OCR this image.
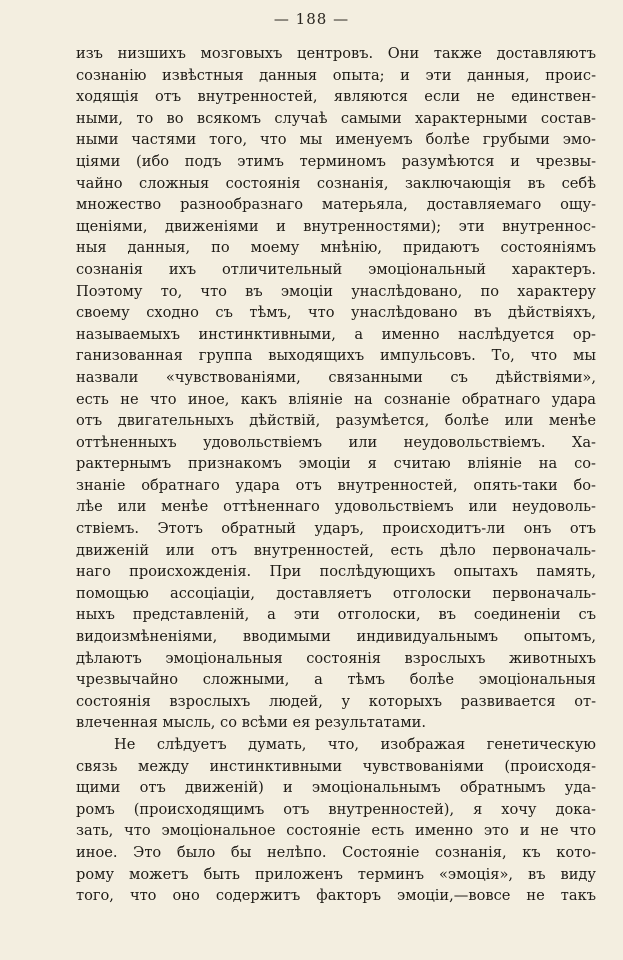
— 188 —
изъ низшихъ мозговыхъ центровъ. Они также доставляютъ
сознанію извѣстныя данныя опыта; и эти данныя, проис-
ходящія отъ внутренностей, являются если не единствен-
ными, то во всякомъ случаѣ самыми характерными состав-
ными частями того, что мы именуемъ болѣе грубыми эмо-
ціями (ибо подъ этимъ терминомъ разумѣются и чрезвы-
чайно сложныя состоянія сознанія, заключающія въ себѣ
множество разнообразнаго матерьяла, доставляемаго ощу-
щеніями, движеніями и внутренностями); эти внутреннос-
ныя данныя, по моему мнѣнію, придаютъ состояніямъ
сознанія ихъ отличительный эмоціональный характеръ.
Поэтому то, что въ эмоціи унаслѣдовано, по характеру
своему сходно съ тѣмъ, что унаслѣдовано въ дѣйствіяхъ,
называемыхъ инстинктивными, а именно наслѣдуется ор-
ганизованная группа выходящихъ импульсовъ. То, что мы
назвали «чувствованіями, связанными съ дѣйствіями»,
есть не что иное, какъ вліяніе на сознаніе обратнаго удара
отъ двигательныхъ дѣйствій, разумѣется, болѣе или менѣе
оттѣненныхъ удовольствіемъ или неудовольствіемъ. Ха-
рактернымъ признакомъ эмоціи я считаю вліяніе на со-
знаніе обратнаго удара отъ внутренностей, опять-таки бо-
лѣе или менѣе оттѣненнаго удовольствіемъ или неудоволь-
ствіемъ. Этотъ обратный ударъ, происходитъ-ли онъ отъ
движеній или отъ внутренностей, есть дѣло первоначаль-
наго происхожденія. При послѣдующихъ опытахъ память,
помощью ассоціаціи, доставляетъ отголоски первоначаль-
ныхъ представленій, а эти отголоски, въ соединеніи съ
видоизмѣненіями, вводимыми индивидуальнымъ опытомъ,
дѣлаютъ эмоціональныя состоянія взрослыхъ животныхъ
чрезвычайно сложными, а тѣмъ болѣе эмоціональныя
состоянія взрослыхъ людей, у которыхъ развивается от-
влеченная мысль, со всѣми ея результатами.
Не слѣдуетъ думать, что, изображая генетическую
связь между инстинктивными чувствованіями (происходя-
щими отъ движеній) и эмоціональнымъ обратнымъ уда-
ромъ (происходящимъ отъ внутренностей), я хочу дока-
зать, что эмоціональное состояніе есть именно это и не что
иное. Это было бы нелѣпо. Состояніе сознанія, къ кото-
рому можетъ быть приложенъ терминъ «эмоція», въ виду
того, что оно содержитъ факторъ эмоціи,—вовсе не такъ
